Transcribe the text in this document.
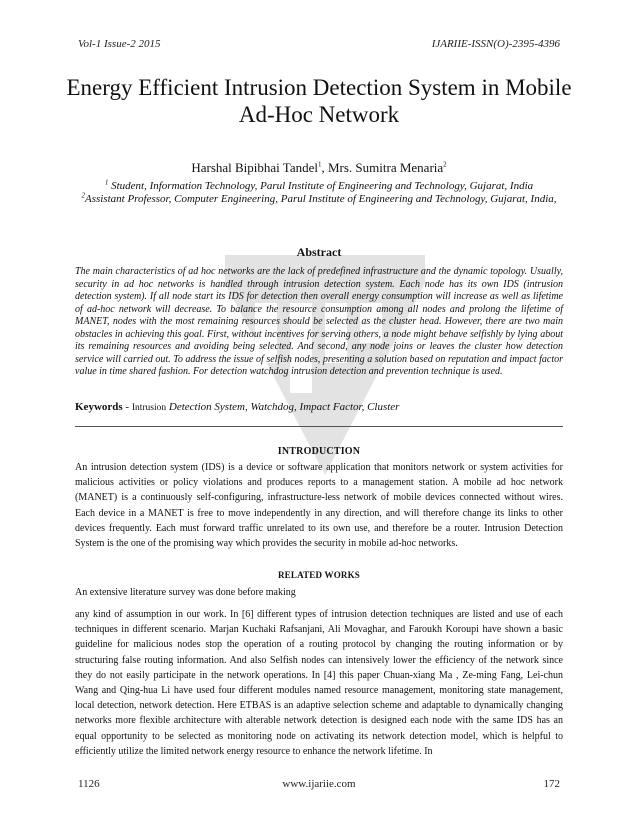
Vol-1 Issue-2 2015	IJARIIE-ISSN(O)-2395-4396
Energy Efficient Intrusion Detection System in Mobile Ad-Hoc Network
Harshal Bipibhai Tandel$^1$, Mrs. Sumitra Menaria$^2$
$^1$ Student, Information Technology, Parul Institute of Engineering and Technology, Gujarat, India
$^2$Assistant Professor, Computer Engineering, Parul Institute of Engineering and Technology, Gujarat, India,
Abstract
The main characteristics of ad hoc networks are the lack of predefined infrastructure and the dynamic topology. Usually, security in ad hoc networks is handled through intrusion detection system. Each node has its own IDS (intrusion detection system). If all node start its IDS for detection then overall energy consumption will increase as well as lifetime of ad-hoc network will decrease. To balance the resource consumption among all nodes and prolong the lifetime of MANET, nodes with the most remaining resources should be selected as the cluster head. However, there are two main obstacles in achieving this goal. First, without incentives for serving others, a node might behave selfishly by lying about its remaining resources and avoiding being selected. And second, any node joins or leaves the cluster how detection service will carried out. To address the issue of selfish nodes, presenting a solution based on reputation and impact factor value in time shared fashion. For detection watchdog intrusion detection and prevention technique is used.
Keywords - Intrusion Detection System, Watchdog, Impact Factor, Cluster
INTRODUCTION
An intrusion detection system (IDS) is a device or software application that monitors network or system activities for malicious activities or policy violations and produces reports to a management station. A mobile ad hoc network (MANET) is a continuously self-configuring, infrastructure-less network of mobile devices connected without wires. Each device in a MANET is free to move independently in any direction, and will therefore change its links to other devices frequently. Each must forward traffic unrelated to its own use, and therefore be a router. Intrusion Detection System is the one of the promising way which provides the security in mobile ad-hoc networks.
RELATED WORKS
An extensive literature survey was done before making
any kind of assumption in our work. In [6] different types of intrusion detection techniques are listed and use of each techniques in different scenario. Marjan Kuchaki Rafsanjani, Ali Movaghar, and Faroukh Koroupi have shown a basic guideline for malicious nodes stop the operation of a routing protocol by changing the routing information or by structuring false routing information. And also Selfish nodes can intensively lower the efficiency of the network since they do not easily participate in the network operations. In [4] this paper Chuan-xiang Ma , Ze-ming Fang, Lei-chun Wang and Qing-hua Li have used four different modules named resource management, monitoring state management, local detection, network detection. Here ETBAS is an adaptive selection scheme and adaptable to dynamically changing networks more flexible architecture with alterable network detection is designed each node with the same IDS has an equal opportunity to be selected as monitoring node on activating its network detection model, which is helpful to efficiently utilize the limited network energy resource to enhance the network lifetime. In
1126	www.ijariie.com	172
